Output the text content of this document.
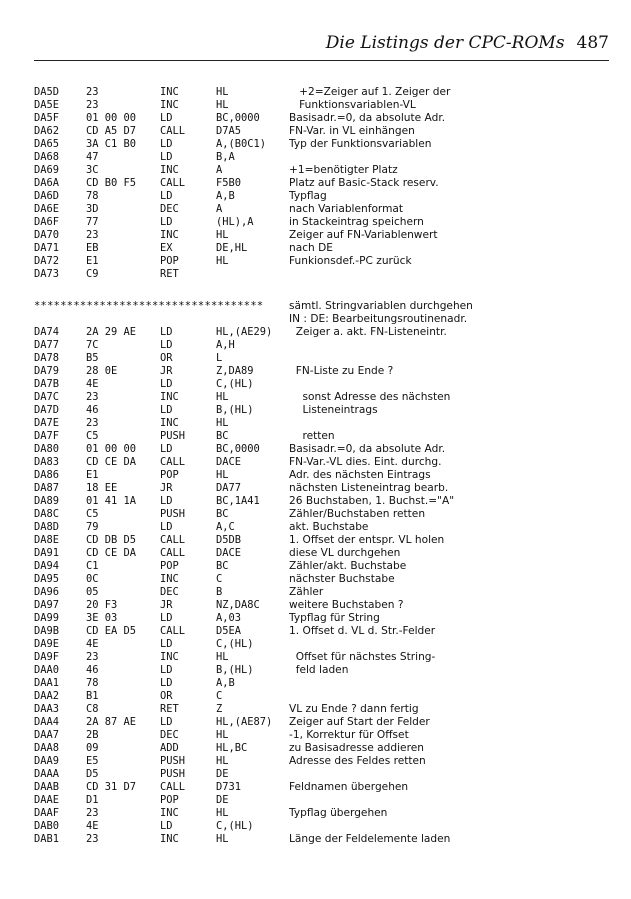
Die Listings der CPC-ROMs 487
DA5D	23	INC	HL	+2=Zeiger auf 1. Zeiger der
DA5E	23	INC	HL	Funktionsvariablen-VL
DA5F	01 00 00 LD	BC,0000	Basisadr.=0, da absolute Adr.
DA62	CD A5 D7 CALL	D7A5	FN-Var. in VL einhängen
DA65	3A C1 B0 LD	A,(B0C1) Typ der Funktionsvariablen
DA68	47	LD	B,A
DA69	3C	INC	A	+1=benötigter Platz
DA6A	CD B0 F5 CALL	F5B0	Platz auf Basic-Stack reserv.
DA6D	78	LD	A,B	Typflag
DA6E	3D	DEC	A	nach Variablenformat
DA6F	77	LD	(HL),A	in Stackeintrag speichern
DA70	23	INC	HL	Zeiger auf FN-Variablenwert
DA71	EB	EX	DE,HL	nach DE
DA72	E1	POP	HL	Funkionsdef.-PC zurück
DA73	C9	RET
*********************************** sämtl. Stringvariablen durchgehen
IN : DE: Bearbeitungsroutinenadr.
DA74	2A 29 AE LD	HL,(AE29) Zeiger a. akt. FN-Listeneintr.
DA77	7C	LD	A,H
DA78	B5	OR	L
DA79	28 0E	JR	Z,DA89	FN-Liste zu Ende ?
DA7B	4E	LD	C,(HL)
DA7C	23	INC	HL	sonst Adresse des nächsten
DA7D	46	LD	B,(HL)	Listeneintrags
DA7E	23	INC	HL
DA7F	C5	PUSH	BC	retten
DA80	01 00 00 LD	BC,0000	Basisadr.=0, da absolute Adr.
DA83	CD CE DA CALL	DACE	FN-Var.-VL dies. Eint. durchg.
DA86	E1	POP	HL	Adr. des nächsten Eintrags
DA87	18 EE	JR	DA77	nächsten Listeneintrag bearb.
DA89	01 41 1A LD	BC,1A41	26 Buchstaben, 1. Buchst.="A"
DA8C	C5	PUSH	BC	Zähler/Buchstaben retten
DA8D	79	LD	A,C	akt. Buchstabe
DA8E	CD DB D5 CALL	D5DB	1. Offset der entspr. VL holen
DA91	CD CE DA CALL	DACE	diese VL durchgehen
DA94	C1	POP	BC	Zähler/akt. Buchstabe
DA95	0C	INC	C	nächster Buchstabe
DA96	05	DEC	B	Zähler
DA97	20 F3	JR	NZ,DA8C	weitere Buchstaben ?
DA99	3E 03	LD	A,03	Typflag für String
DA9B	CD EA D5 CALL	D5EA	1. Offset d. VL d. Str.-Felder
DA9E	4E	LD	C,(HL)
DA9F	23	INC	HL	Offset für nächstes String-
DAA0	46	LD	B,(HL)	feld laden
DAA1	78	LD	A,B
DAA2	B1	OR	C
DAA3	C8	RET	Z	VL zu Ende ? dann fertig
DAA4	2A 87 AE LD	HL,(AE87) Zeiger auf Start der Felder
DAA7	2B	DEC	HL	-1, Korrektur für Offset
DAA8	09	ADD	HL,BC	zu Basisadresse addieren
DAA9	E5	PUSH	HL	Adresse des Feldes retten
DAAA	D5	PUSH	DE
DAAB	CD 31 D7 CALL	D731	Feldnamen übergehen
DAAE	D1	POP	DE
DAAF	23	INC	HL	Typflag übergehen
DAB0	4E	LD	C,(HL)
DAB1	23	INC	HL	Länge der Feldelemente laden
